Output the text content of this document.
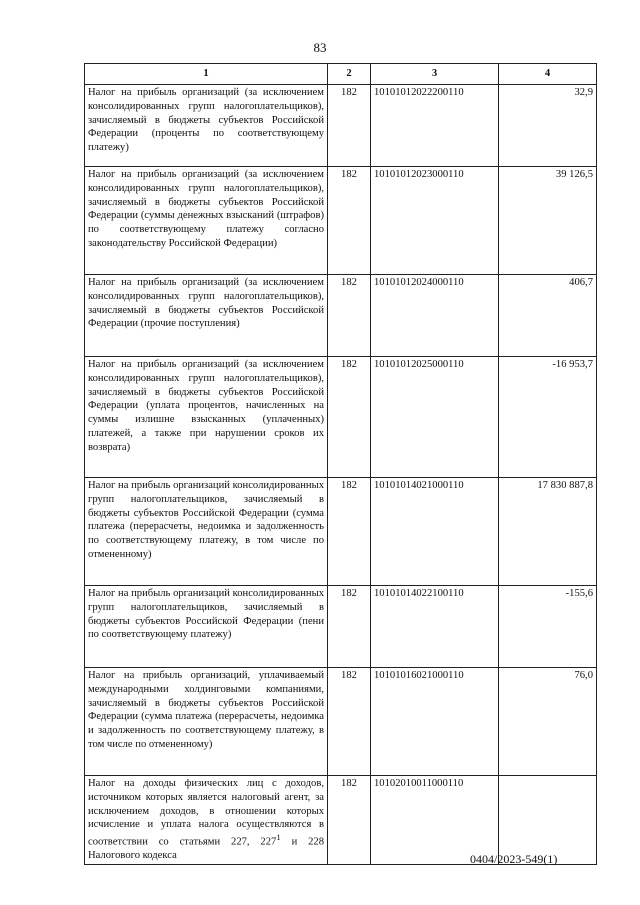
83
1	2	3	4
Налог на прибыль организаций (за исключением консолидированных групп налогоплательщиков), зачисляемый в бюджеты субъектов Российской Федерации (проценты по соответствующему платежу)	182	10101012022200110	32,9
Налог на прибыль организаций (за исключением консолидированных групп налогоплательщиков), зачисляемый в бюджеты субъектов Российской Федерации (суммы денежных взысканий (штрафов) по соответствующему платежу согласно законодательству Российской Федерации)	182	10101012023000110	39 126,5
Налог на прибыль организаций (за исключением консолидированных групп налогоплательщиков), зачисляемый в бюджеты субъектов Российской Федерации (прочие поступления)	182	10101012024000110	406,7
Налог на прибыль организаций (за исключением консолидированных групп налогоплательщиков), зачисляемый в бюджеты субъектов Российской Федерации (уплата процентов, начисленных на суммы излишне взысканных (уплаченных) платежей, а также при нарушении сроков их возврата)	182	10101012025000110	-16 953,7
Налог на прибыль организаций консолидированных групп налогоплательщиков, зачисляемый в бюджеты субъектов Российской Федерации (сумма платежа (перерасчеты, недоимка и задолженность по соответствующему платежу, в том числе по отмененному)	182	10101014021000110	17 830 887,8
Налог на прибыль организаций консолидированных групп налогоплательщиков, зачисляемый в бюджеты субъектов Российской Федерации (пени по соответствующему платежу)	182	10101014022100110	-155,6
Налог на прибыль организаций, уплачиваемый международными холдинговыми компаниями, зачисляемый в бюджеты субъектов Российской Федерации (сумма платежа (перерасчеты, недоимка и задолженность по соответствующему платежу, в том числе по отмененному)	182	10101016021000110	76,0
Налог на доходы физических лиц с доходов, источником которых является налоговый агент, за исключением доходов, в отношении которых исчисление и уплата налога осуществляются в соответствии со статьями 227, $227^1$ и 228 Налогового кодекса	182	10102010011000110	
0404/2023-549(1)
